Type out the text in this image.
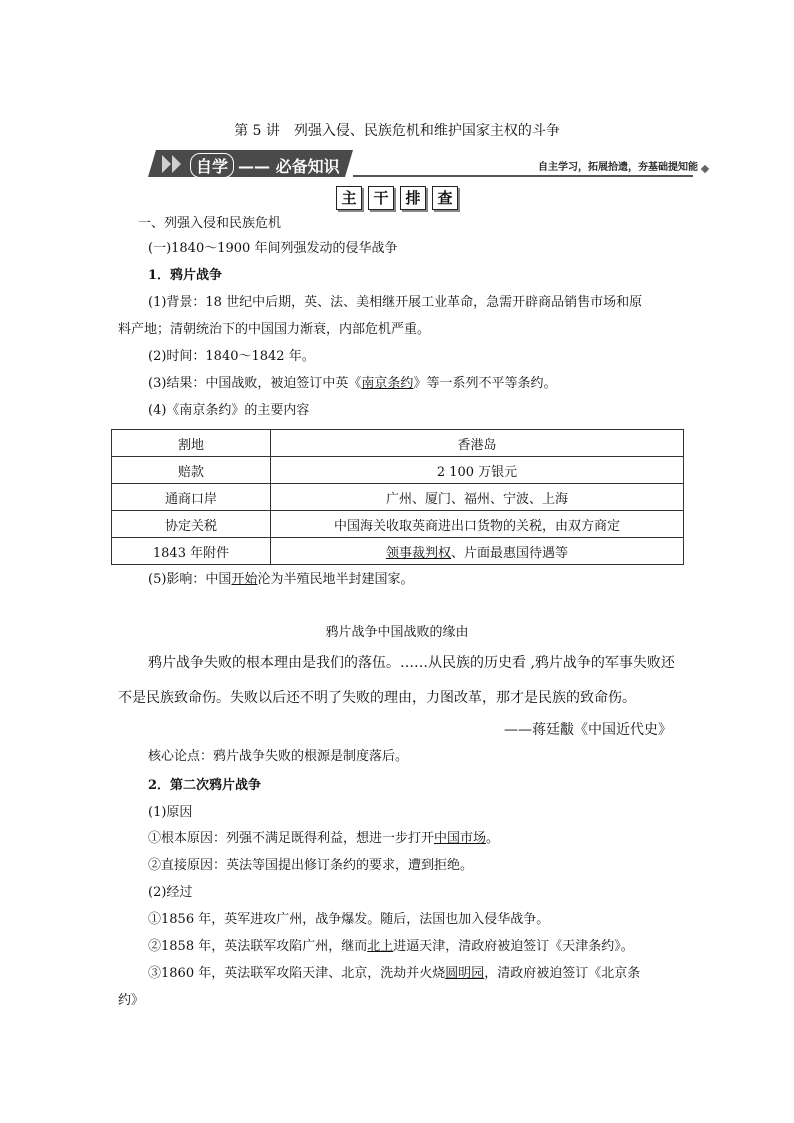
第 5 讲　列强入侵、民族危机和维护国家主权的斗争
自学 —— 必备知识	自主学习，拓展拾遗，夯基础提知能
主 干 排 查
一、列强入侵和民族危机
(一)1840～1900 年间列强发动的侵华战争
1．鸦片战争
(1)背景：18 世纪中后期，英、法、美相继开展工业革命，急需开辟商品销售市场和原
料产地；清朝统治下的中国国力渐衰，内部危机严重。
(2)时间：1840～1842 年。
(3)结果：中国战败，被迫签订中英《南京条约》等一系列不平等条约。
(4)《南京条约》的主要内容
割地	香港岛
赔款	2 100 万银元
通商口岸	广州、厦门、福州、宁波、上海
协定关税	中国海关收取英商进出口货物的关税，由双方商定
1843 年附件	领事裁判权、片面最惠国待遇等
(5)影响：中国开始沦为半殖民地半封建国家。
鸦片战争中国战败的缘由
鸦片战争失败的根本理由是我们的落伍。……从民族的历史看 ,鸦片战争的军事失败还
不是民族致命伤。失败以后还不明了失败的理由，力图改革，那才是民族的致命伤。
——蒋廷黻《中国近代史》
核心论点：鸦片战争失败的根源是制度落后。
2．第二次鸦片战争
(1)原因
①根本原因：列强不满足既得利益，想进一步打开中国市场。
②直接原因：英法等国提出修订条约的要求，遭到拒绝。
(2)经过
①1856 年，英军进攻广州，战争爆发。随后，法国也加入侵华战争。
②1858 年，英法联军攻陷广州，继而北上进逼天津，清政府被迫签订《天津条约》。
③1860 年，英法联军攻陷天津、北京，洗劫并火烧圆明园，清政府被迫签订《北京条
约》
